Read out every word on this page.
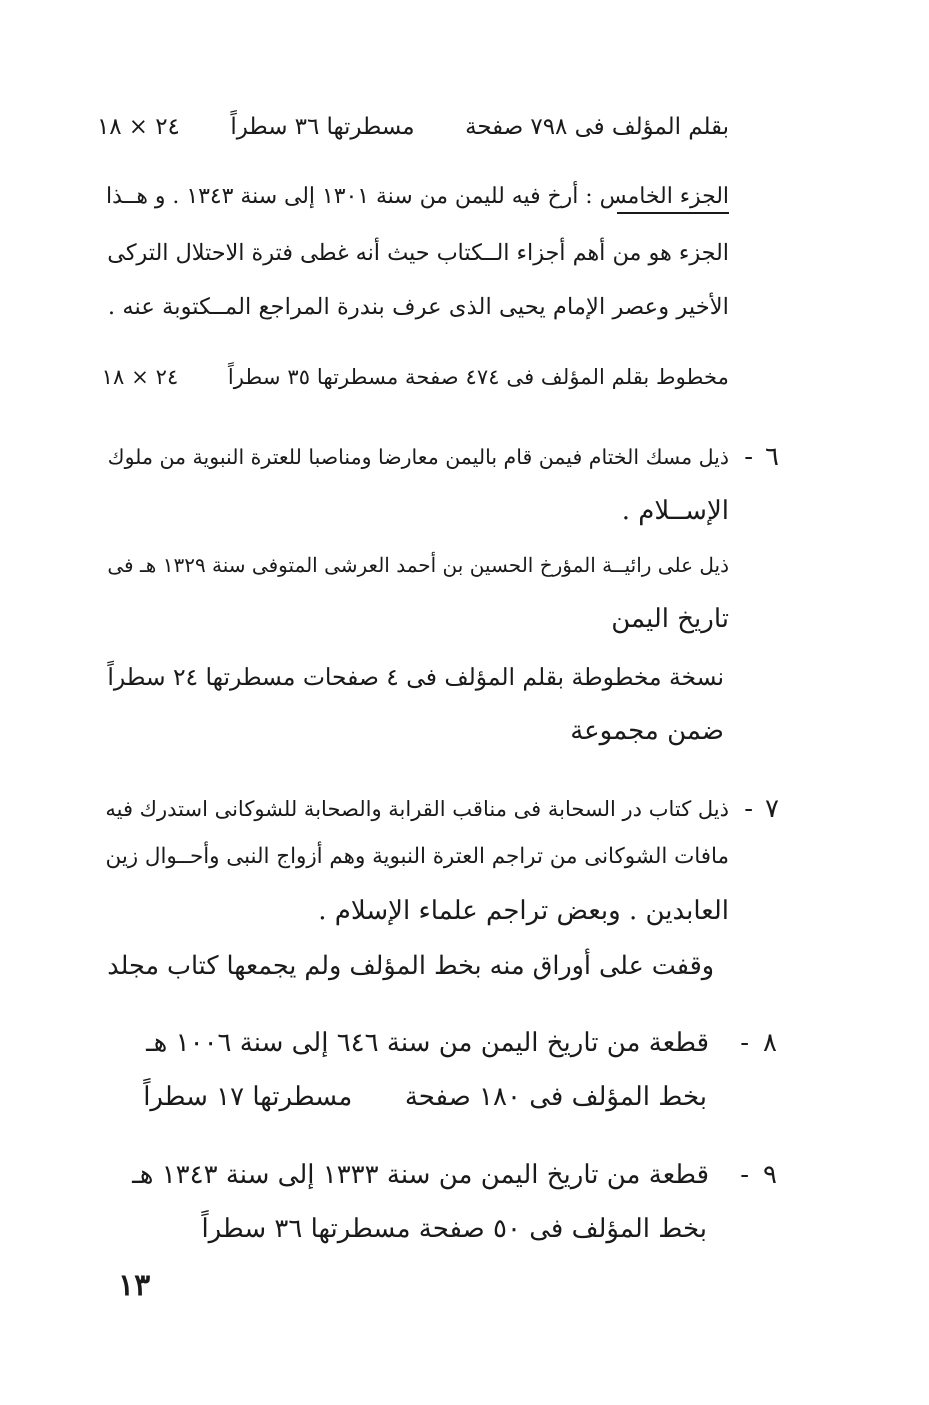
بقلم المؤلف فى ٧٩٨ صفحة  مسطرتها ٣٦ سطراً  ٢٤ × ١٨
الجزء الخامس : أرخ فيه لليمن من سنة ١٣٠١ إلى سنة ١٣٤٣ . و هــذا
الجزء هو من أهم أجزاء الــكتاب حيث أنه غطى فترة الاحتلال التركى
الأخير وعصر الإمام يحيى الذى عرف بندرة المراجع المــكتوبة عنه .
مخطوط بقلم المؤلف فى ٤٧٤ صفحة مسطرتها ٣٥ سطراً  ٢٤ × ١٨
٦
-
ذيل مسك الختام فيمن قام باليمن معارضا ومناصبا للعترة النبوية من ملوك
الإســلام .
ذيل على رائيــة المؤرخ الحسين بن أحمد العرشى المتوفى سنة ١٣٢٩ هـ فى
تاريخ اليمن
نسخة مخطوطة بقلم المؤلف فى ٤ صفحات مسطرتها ٢٤ سطراً
ضمن مجموعة
٧
-
ذيل كتاب در السحابة فى مناقب القرابة والصحابة للشوكانى استدرك فيه
مافات الشوكانى من تراجم العترة النبوية وهم أزواج النبى وأحــوال زين
العابدين . وبعض تراجم علماء الإسلام .
وقفت على أوراق منه بخط المؤلف ولم يجمعها كتاب مجلد
٨
-
قطعة من تاريخ اليمن من سنة ٦٤٦ إلى سنة ١٠٠٦ هـ
بخط المؤلف فى ١٨٠ صفحة  مسطرتها ١٧ سطراً
٩
-
قطعة من تاريخ اليمن من سنة ١٣٣٣ إلى سنة ١٣٤٣ هـ
بخط المؤلف فى ٥٠ صفحة مسطرتها ٣٦ سطراً
١٣
